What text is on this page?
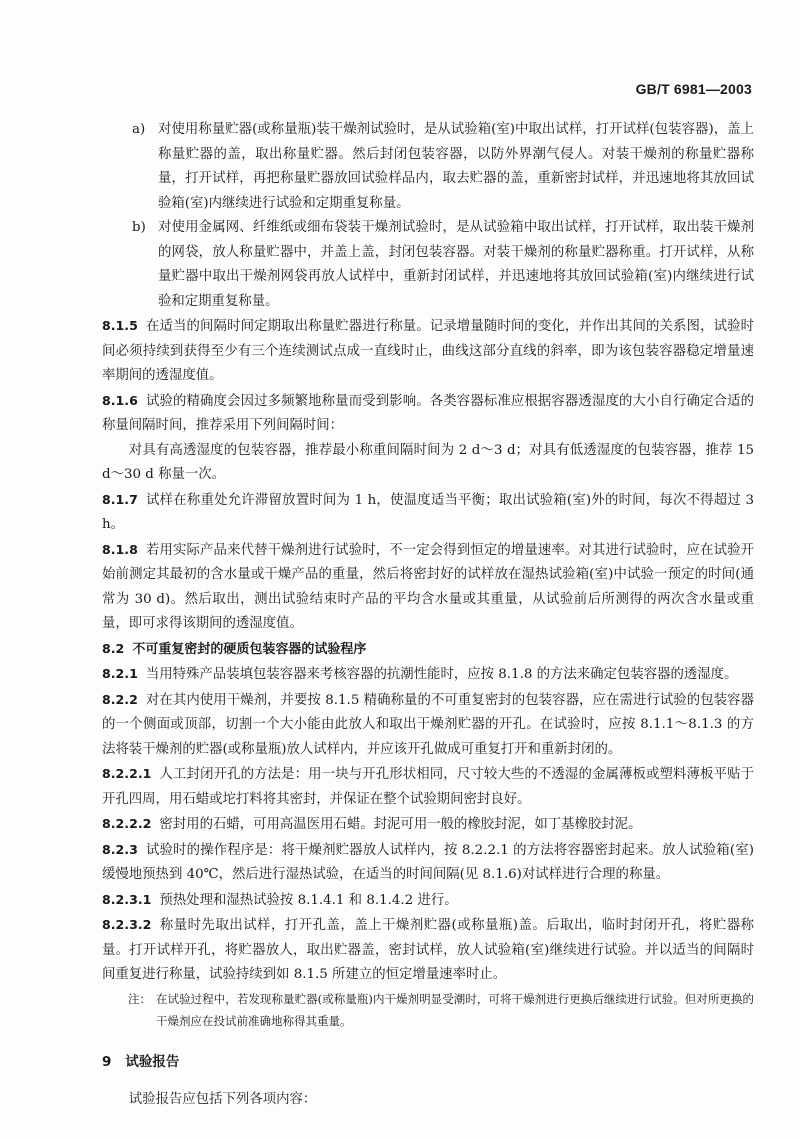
GB/T 6981—2003
a) 对使用称量贮器(或称量瓶)装干燥剂试验时，是从试验箱(室)中取出试样，打开试样(包装容器)，盖上称量贮器的盖，取出称量贮器。然后封闭包装容器，以防外界潮气侵人。对装干燥剂的称量贮器称量，打开试样，再把称量贮器放回试验样品内，取去贮器的盖，重新密封试样，并迅速地将其放回试验箱(室)内继续进行试验和定期重复称量。
b) 对使用金属网、纤维纸或细布袋装干燥剂试验时，是从试验箱中取出试样，打开试样，取出装干燥剂的网袋，放人称量贮器中，并盖上盖，封闭包装容器。对装干燥剂的称量贮器称重。打开试样，从称量贮器中取出干燥剂网袋再放人试样中，重新封闭试样，并迅速地将其放回试验箱(室)内继续进行试验和定期重复称量。

8.1.5 在适当的间隔时间定期取出称量贮器进行称量。记录增量随时间的变化，并作出其间的关系图，试验时间必须持续到获得至少有三个连续测试点成一直线时止，曲线这部分直线的斜率，即为该包装容器稳定增量速率期间的透湿度值。

8.1.6 试验的精确度会因过多频繁地称量而受到影响。各类容器标准应根据容器透湿度的大小自行确定合适的称量间隔时间，推荐采用下列间隔时间：

对具有高透湿度的包装容器，推荐最小称重间隔时间为 2 d～3 d；对具有低透湿度的包装容器，推荐 15 d～30 d 称量一次。

8.1.7 试样在称重处允许滞留放置时间为 1 h，使温度适当平衡；取出试验箱(室)外的时间，每次不得超过 3 h。

8.1.8 若用实际产品来代替干燥剂进行试验时，不一定会得到恒定的增量速率。对其进行试验时，应在试验开始前测定其最初的含水量或干燥产品的重量，然后将密封好的试样放在湿热试验箱(室)中试验一预定的时间(通常为 30 d)。然后取出，测出试验结束时产品的平均含水量或其重量，从试验前后所测得的两次含水量或重量，即可求得该期间的透湿度值。

8.2 不可重复密封的硬质包装容器的试验程序

8.2.1 当用特殊产品装填包装容器来考核容器的抗潮性能时，应按 8.1.8 的方法来确定包装容器的透湿度。

8.2.2 对在其内使用干燥剂，并要按 8.1.5 精确称量的不可重复密封的包装容器，应在需进行试验的包装容器的一个侧面或顶部，切割一个大小能由此放人和取出干燥剂贮器的开孔。在试验时，应按 8.1.1～8.1.3 的方法将装干燥剂的贮器(或称量瓶)放人试样内，并应该开孔做成可重复打开和重新封闭的。

8.2.2.1 人工封闭开孔的方法是：用一块与开孔形状相同，尺寸较大些的不透湿的金属薄板或塑料薄板平贴于开孔四周，用石蜡或坨打料将其密封，并保证在整个试验期间密封良好。

8.2.2.2 密封用的石蜡，可用高温医用石蜡。封泥可用一般的橡胶封泥，如丁基橡胶封泥。

8.2.3 试验时的操作程序是：将干燥剂贮器放人试样内，按 8.2.2.1 的方法将容器密封起来。放人试验箱(室)缓慢地预热到 40℃，然后进行湿热试验，在适当的时间间隔(见 8.1.6)对试样进行合理的称量。

8.2.3.1 预热处理和湿热试验按 8.1.4.1 和 8.1.4.2 进行。

8.2.3.2 称量时先取出试样，打开孔盖，盖上干燥剂贮器(或称量瓶)盖。后取出，临时封闭开孔，将贮器称量。打开试样开孔，将贮器放人，取出贮器盖，密封试样，放人试验箱(室)继续进行试验。并以适当的间隔时间重复进行称量，试验持续到如 8.1.5 所建立的恒定增量速率时止。

注： 在试验过程中，若发现称量贮器(或称量瓶)内干燥剂明显受潮时，可将干燥剂进行更换后继续进行试验。但对所更换的干燥剂应在投试前准确地称得其重量。

9 试验报告

试验报告应包括下列各项内容：
